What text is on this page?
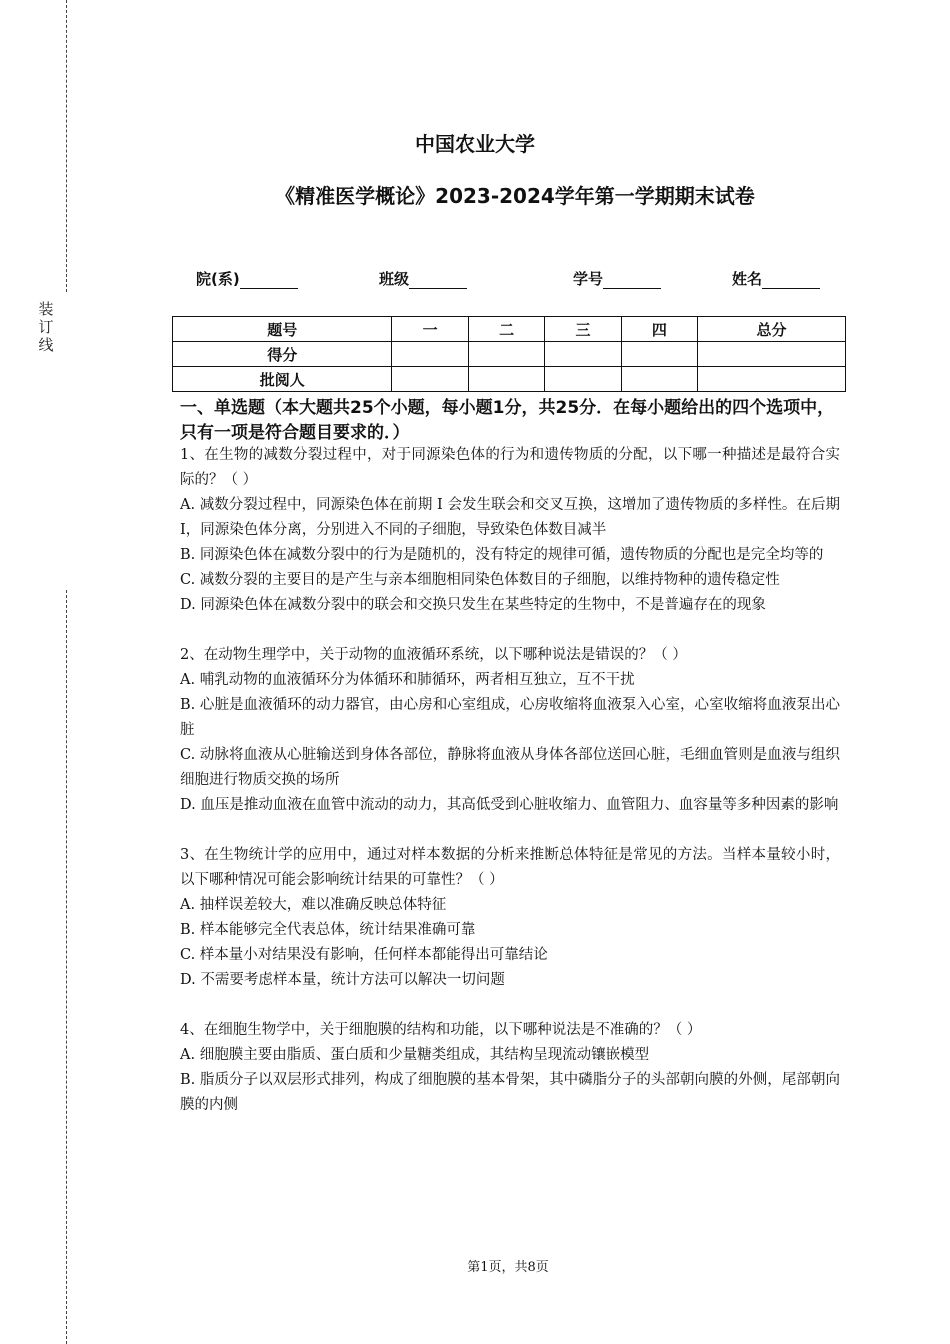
装订线
中国农业大学
《精准医学概论》2023-2024学年第一学期期末试卷
院(系)	班级	学号	姓名
题号	一	二	三	四	总分
得分					
批阅人					
一、单选题（本大题共25个小题，每小题1分，共25分．在每小题给出的四个选项中，只有一项是符合题目要求的．）

1、在生物的减数分裂过程中，对于同源染色体的行为和遗传物质的分配，以下哪一种描述是最符合实际的？（ ）

A. 减数分裂过程中，同源染色体在前期 Ⅰ 会发生联会和交叉互换，这增加了遗传物质的多样性。在后期 Ⅰ，同源染色体分离，分别进入不同的子细胞，导致染色体数目减半

B. 同源染色体在减数分裂中的行为是随机的，没有特定的规律可循，遗传物质的分配也是完全均等的

C. 减数分裂的主要目的是产生与亲本细胞相同染色体数目的子细胞，以维持物种的遗传稳定性

D. 同源染色体在减数分裂中的联会和交换只发生在某些特定的生物中，不是普遍存在的现象

2、在动物生理学中，关于动物的血液循环系统，以下哪种说法是错误的？（ ）

A. 哺乳动物的血液循环分为体循环和肺循环，两者相互独立，互不干扰

B. 心脏是血液循环的动力器官，由心房和心室组成，心房收缩将血液泵入心室，心室收缩将血液泵出心脏

C. 动脉将血液从心脏输送到身体各部位，静脉将血液从身体各部位送回心脏，毛细血管则是血液与组织细胞进行物质交换的场所

D. 血压是推动血液在血管中流动的动力，其高低受到心脏收缩力、血管阻力、血容量等多种因素的影响

3、在生物统计学的应用中，通过对样本数据的分析来推断总体特征是常见的方法。当样本量较小时，以下哪种情况可能会影响统计结果的可靠性？（ ）

A. 抽样误差较大，难以准确反映总体特征

B. 样本能够完全代表总体，统计结果准确可靠

C. 样本量小对结果没有影响，任何样本都能得出可靠结论

D. 不需要考虑样本量，统计方法可以解决一切问题

4、在细胞生物学中，关于细胞膜的结构和功能，以下哪种说法是不准确的？（ ）

A. 细胞膜主要由脂质、蛋白质和少量糖类组成，其结构呈现流动镶嵌模型

B. 脂质分子以双层形式排列，构成了细胞膜的基本骨架，其中磷脂分子的头部朝向膜的外侧，尾部朝向膜的内侧

第1页，共8页
